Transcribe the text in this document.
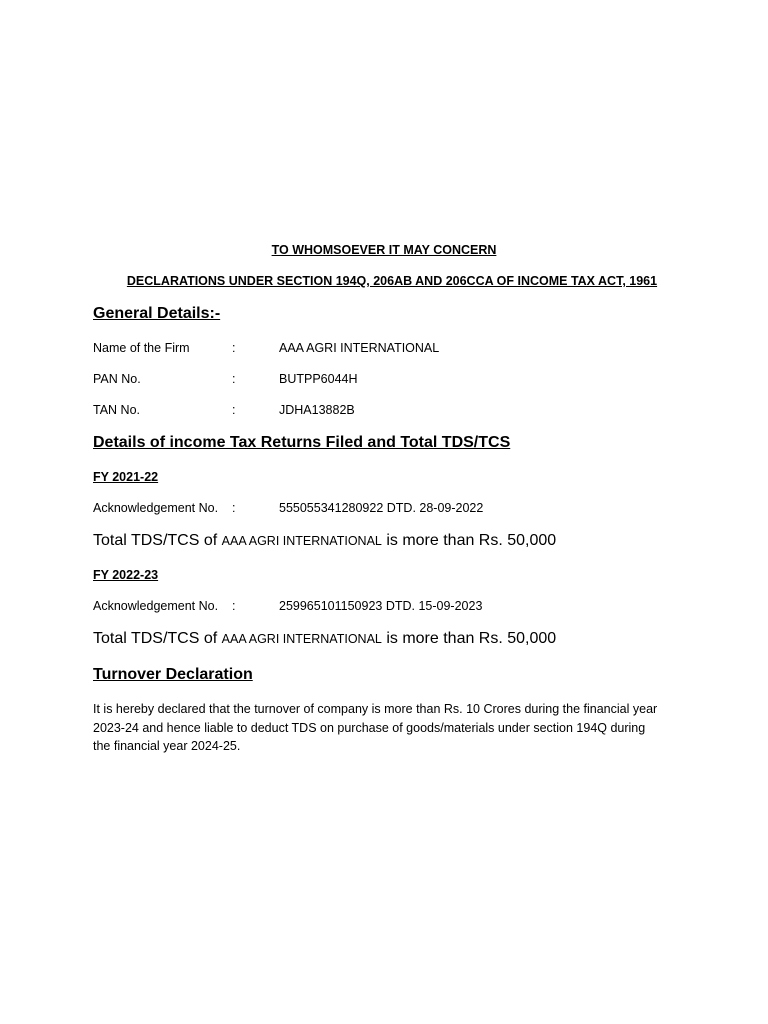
TO WHOMSOEVER IT MAY CONCERN
DECLARATIONS UNDER SECTION 194Q, 206AB AND 206CCA OF INCOME TAX ACT, 1961
General Details:-
Name of the Firm	:	AAA AGRI INTERNATIONAL
PAN No.	:	BUTPP6044H
TAN No.	:	JDHA13882B
Details of income Tax Returns Filed and Total TDS/TCS
FY 2021-22
Acknowledgement No. :	555055341280922 DTD. 28-09-2022
Total TDS/TCS of AAA AGRI INTERNATIONAL is more than Rs. 50,000
FY 2022-23
Acknowledgement No. :	259965101150923 DTD. 15-09-2023
Total TDS/TCS of AAA AGRI INTERNATIONAL is more than Rs. 50,000
Turnover Declaration
It is hereby declared that the turnover of company is more than Rs. 10 Crores during the financial year 2023-24 and hence liable to deduct TDS on purchase of goods/materials under section 194Q during the financial year 2024-25.
